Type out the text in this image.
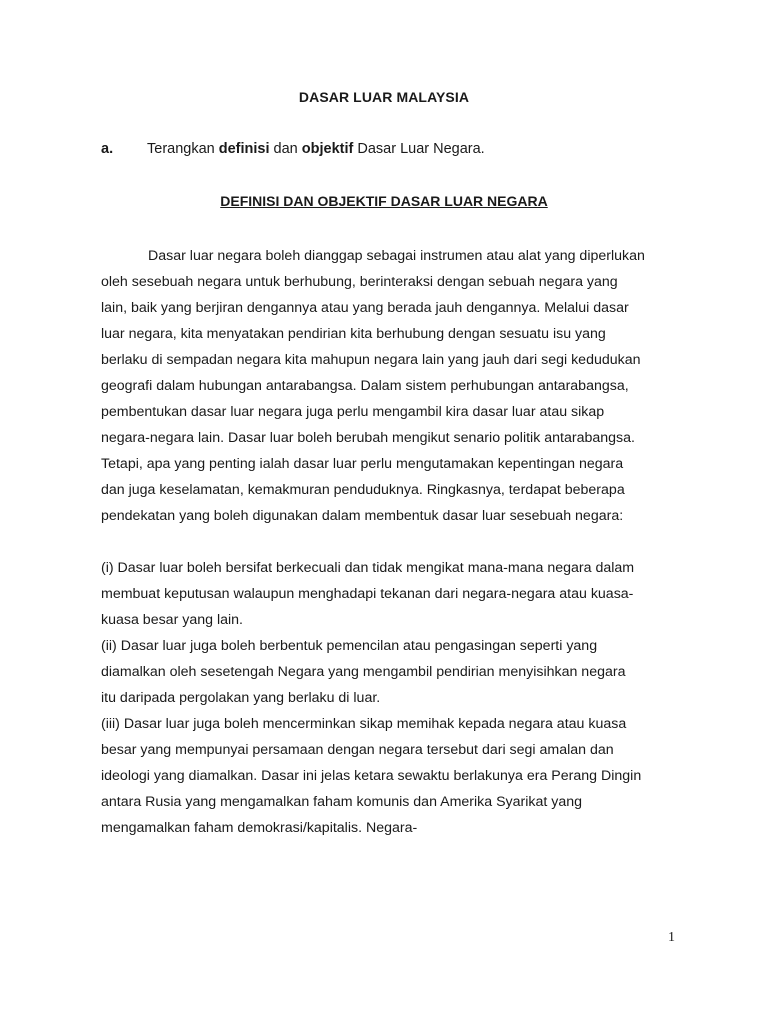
DASAR LUAR MALAYSIA
a. Terangkan definisi dan objektif Dasar Luar Negara.
DEFINISI DAN OBJEKTIF DASAR LUAR NEGARA
Dasar luar negara boleh dianggap sebagai instrumen atau alat yang diperlukan
oleh sesebuah negara untuk berhubung, berinteraksi dengan sebuah negara yang
lain, baik yang berjiran dengannya atau yang berada jauh dengannya. Melalui dasar
luar negara, kita menyatakan pendirian kita berhubung dengan sesuatu isu yang
berlaku di sempadan negara kita mahupun negara lain yang jauh dari segi kedudukan
geografi dalam hubungan antarabangsa. Dalam sistem perhubungan antarabangsa,
pembentukan dasar luar negara juga perlu mengambil kira dasar luar atau sikap
negara-negara lain. Dasar luar boleh berubah mengikut senario politik antarabangsa.
Tetapi, apa yang penting ialah dasar luar perlu mengutamakan kepentingan negara
dan juga keselamatan, kemakmuran penduduknya. Ringkasnya, terdapat beberapa
pendekatan yang boleh digunakan dalam membentuk dasar luar sesebuah negara:
(i) Dasar luar boleh bersifat berkecuali dan tidak mengikat mana-mana negara dalam
membuat keputusan walaupun menghadapi tekanan dari negara-negara atau kuasa-
kuasa besar yang lain.
(ii) Dasar luar juga boleh berbentuk pemencilan atau pengasingan seperti yang
diamalkan oleh sesetengah Negara yang mengambil pendirian menyisihkan negara
itu daripada pergolakan yang berlaku di luar.
(iii) Dasar luar juga boleh mencerminkan sikap memihak kepada negara atau kuasa
besar yang mempunyai persamaan dengan negara tersebut dari segi amalan dan
ideologi yang diamalkan. Dasar ini jelas ketara sewaktu berlakunya era Perang Dingin
antara Rusia yang mengamalkan faham komunis dan Amerika Syarikat yang
mengamalkan faham demokrasi/kapitalis. Negara-
1
